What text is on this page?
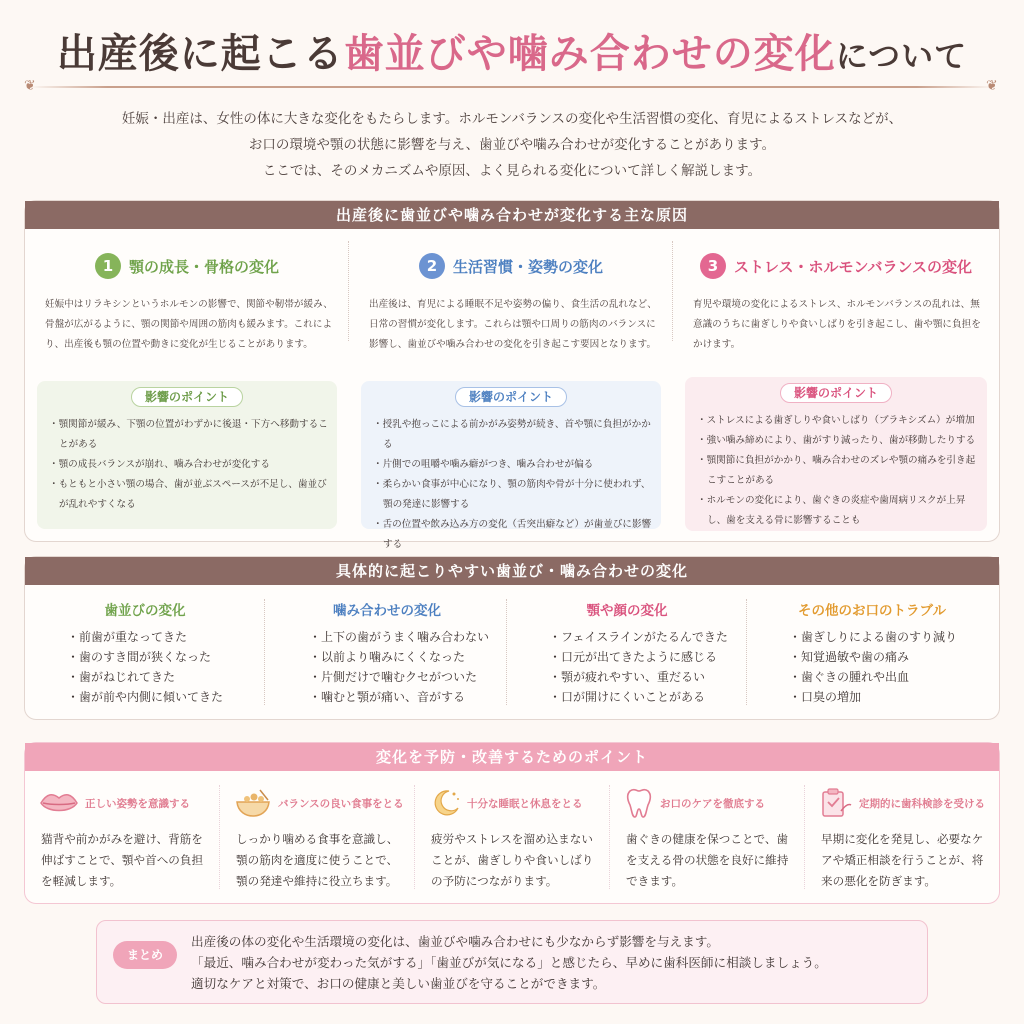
出産後に起こる歯並びや噛み合わせの変化について
❦	❦

妊娠・出産は、女性の体に大きな変化をもたらします。ホルモンバランスの変化や生活習慣の変化、育児によるストレスなどが、

お口の環境や顎の状態に影響を与え、歯並びや噛み合わせが変化することがあります。

ここでは、そのメカニズムや原因、よく見られる変化について詳しく解説します。

出産後に歯並びや噛み合わせが変化する主な原因
1	顎の成長・骨格の変化
妊娠中はリラキシンというホルモンの影響で、関節や靭帯が緩み、骨盤が広がるように、顎の関節や周囲の筋肉も緩みます。これにより、出産後も顎の位置や動きに変化が生じることがあります。
影響のポイント
・ 顎関節が緩み、下顎の位置がわずかに後退・下方へ移動することがある
・ 顎の成長バランスが崩れ、噛み合わせが変化する
・ もともと小さい顎の場合、歯が並ぶスペースが不足し、歯並びが乱れやすくなる
2	生活習慣・姿勢の変化
出産後は、育児による睡眠不足や姿勢の偏り、食生活の乱れなど、日常の習慣が変化します。これらは顎や口周りの筋肉のバランスに影響し、歯並びや噛み合わせの変化を引き起こす要因となります。
影響のポイント
・ 授乳や抱っこによる前かがみ姿勢が続き、首や顎に負担がかかる
・ 片側での咀嚼や噛み癖がつき、噛み合わせが偏る
・ 柔らかい食事が中心になり、顎の筋肉や骨が十分に使われず、顎の発達に影響する
・ 舌の位置や飲み込み方の変化（舌突出癖など）が歯並びに影響する
3	ストレス・ホルモンバランスの変化
育児や環境の変化によるストレス、ホルモンバランスの乱れは、無意識のうちに歯ぎしりや食いしばりを引き起こし、歯や顎に負担をかけます。
影響のポイント
・ ストレスによる歯ぎしりや食いしばり（ブラキシズム）が増加
・ 強い噛み締めにより、歯がすり減ったり、歯が移動したりする
・ 顎関節に負担がかかり、噛み合わせのズレや顎の痛みを引き起こすことがある
・ ホルモンの変化により、歯ぐきの炎症や歯周病リスクが上昇し、歯を支える骨に影響することも
具体的に起こりやすい歯並び・噛み合わせの変化
歯並びの変化
・ 前歯が重なってきた
・ 歯のすき間が狭くなった
・ 歯がねじれてきた
・ 歯が前や内側に傾いてきた
噛み合わせの変化
・ 上下の歯がうまく噛み合わない
・ 以前より噛みにくくなった
・ 片側だけで噛むクセがついた
・ 噛むと顎が痛い、音がする
顎や顔の変化
・ フェイスラインがたるんできた
・ 口元が出てきたように感じる
・ 顎が疲れやすい、重だるい
・ 口が開けにくいことがある
その他のお口のトラブル
・ 歯ぎしりによる歯のすり減り
・ 知覚過敏や歯の痛み
・ 歯ぐきの腫れや出血
・ 口臭の増加
変化を予防・改善するためのポイント
正しい姿勢を意識する
猫背や前かがみを避け、背筋を伸ばすことで、顎や首への負担を軽減します。
バランスの良い食事をとる
しっかり噛める食事を意識し、顎の筋肉を適度に使うことで、顎の発達や維持に役立ちます。
十分な睡眠と休息をとる
疲労やストレスを溜め込まないことが、歯ぎしりや食いしばりの予防につながります。
お口のケアを徹底する
歯ぐきの健康を保つことで、歯を支える骨の状態を良好に維持できます。
定期的に歯科検診を受ける
早期に変化を発見し、必要なケアや矯正相談を行うことが、将来の悪化を防ぎます。
まとめ

出産後の体の変化や生活環境の変化は、歯並びや噛み合わせにも少なからず影響を与えます。

「最近、噛み合わせが変わった気がする」「歯並びが気になる」と感じたら、早めに歯科医師に相談しましょう。

適切なケアと対策で、お口の健康と美しい歯並びを守ることができます。
